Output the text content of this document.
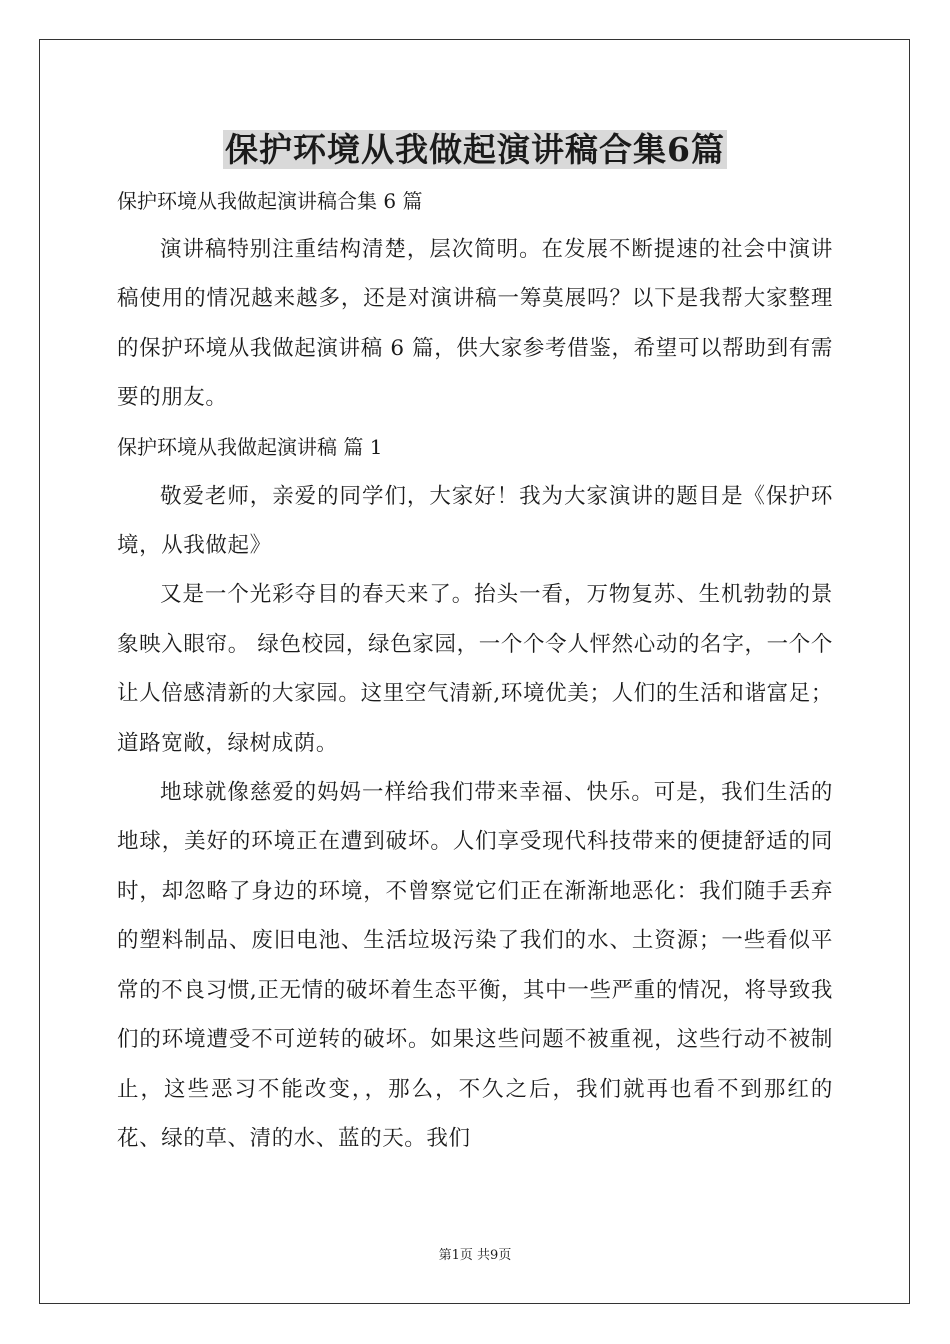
保护环境从我做起演讲稿合集6篇

保护环境从我做起演讲稿合集 6 篇

演讲稿特别注重结构清楚，层次简明。在发展不断提速的社会中演讲稿使用的情况越来越多，还是对演讲稿一筹莫展吗？以下是我帮大家整理的保护环境从我做起演讲稿 6 篇，供大家参考借鉴，希望可以帮助到有需要的朋友。

保护环境从我做起演讲稿 篇 1

敬爱老师，亲爱的同学们，大家好！我为大家演讲的题目是《保护环境，从我做起》

又是一个光彩夺目的春天来了。抬头一看，万物复苏、生机勃勃的景象映入眼帘。 绿色校园，绿色家园，一个个令人怦然心动的名字，一个个让人倍感清新的大家园。这里空气清新,环境优美；人们的生活和谐富足；道路宽敞，绿树成荫。

地球就像慈爱的妈妈一样给我们带来幸福、快乐。可是，我们生活的地球，美好的环境正在遭到破坏。人们享受现代科技带来的便捷舒适的同时，却忽略了身边的环境，不曾察觉它们正在渐渐地恶化：我们随手丢弃的塑料制品、废旧电池、生活垃圾污染了我们的水、土资源；一些看似平常的不良习惯,正无情的破坏着生态平衡，其中一些严重的情况，将导致我们的环境遭受不可逆转的破坏。如果这些问题不被重视，这些行动不被制止，这些恶习不能改变，，那么，不久之后，我们就再也看不到那红的花、绿的草、清的水、蓝的天。我们

第1页 共9页
